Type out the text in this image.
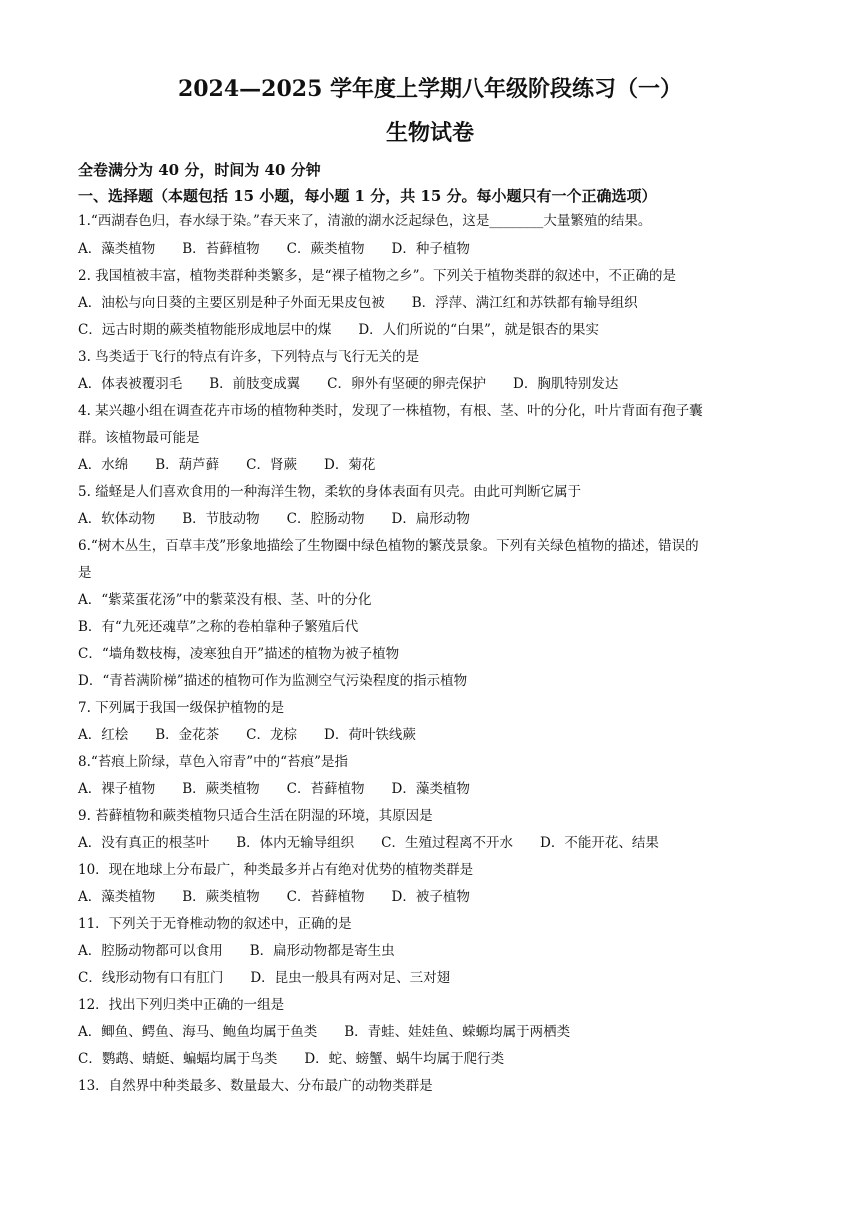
2024—2025 学年度上学期八年级阶段练习（一）
生物试卷
全卷满分为 40 分，时间为 40 分钟
一、选择题（本题包括 15 小题，每小题 1 分，共 15 分。每小题只有一个正确选项）
1.“西湖春色归，春水绿于染。”春天来了，清澈的湖水泛起绿色，这是________大量繁殖的结果。
A．藻类植物　　B．苔藓植物　　C．蕨类植物　　D．种子植物
2. 我国植被丰富，植物类群种类繁多，是“裸子植物之乡”。下列关于植物类群的叙述中，不正确的是
A．油松与向日葵的主要区别是种子外面无果皮包被　　B．浮萍、满江红和苏铁都有输导组织
C．远古时期的蕨类植物能形成地层中的煤　　D．人们所说的“白果”，就是银杏的果实
3. 鸟类适于飞行的特点有许多，下列特点与飞行无关的是
A．体表被覆羽毛　　B．前肢变成翼　　C．卵外有坚硬的卵壳保护　　D．胸肌特别发达
4. 某兴趣小组在调查花卉市场的植物种类时，发现了一株植物，有根、茎、叶的分化，叶片背面有孢子囊
群。该植物最可能是
A．水绵　　B．葫芦藓　　C．肾蕨　　D．菊花
5. 缢蛏是人们喜欢食用的一种海洋生物，柔软的身体表面有贝壳。由此可判断它属于
A．软体动物　　B．节肢动物　　C．腔肠动物　　D．扁形动物
6.“树木丛生，百草丰茂”形象地描绘了生物圈中绿色植物的繁茂景象。下列有关绿色植物的描述，错误的
是
A．“紫菜蛋花汤”中的紫菜没有根、茎、叶的分化
B．有“九死还魂草”之称的卷柏靠种子繁殖后代
C．“墙角数枝梅，凌寒独自开”描述的植物为被子植物
D．“青苔满阶梯”描述的植物可作为监测空气污染程度的指示植物
7. 下列属于我国一级保护植物的是
A．红桧　　B．金花茶　　C．龙棕　　D．荷叶铁线蕨
8.“苔痕上阶绿，草色入帘青”中的“苔痕”是指
A．裸子植物　　B．蕨类植物　　C．苔藓植物　　D．藻类植物
9. 苔藓植物和蕨类植物只适合生活在阴湿的环境，其原因是
A．没有真正的根茎叶　　B．体内无输导组织　　C．生殖过程离不开水　　D．不能开花、结果
10．现在地球上分布最广，种类最多并占有绝对优势的植物类群是
A．藻类植物　　B．蕨类植物　　C．苔藓植物　　D．被子植物
11．下列关于无脊椎动物的叙述中，正确的是
A．腔肠动物都可以食用　　B．扁形动物都是寄生虫
C．线形动物有口有肛门　　D．昆虫一般具有两对足、三对翅
12．找出下列归类中正确的一组是
A．鲫鱼、鳄鱼、海马、鲍鱼均属于鱼类　　B．青蛙、娃娃鱼、蝾螈均属于两栖类
C．鹦鹉、蜻蜓、蝙蝠均属于鸟类　　D．蛇、螃蟹、蜗牛均属于爬行类
13．自然界中种类最多、数量最大、分布最广的动物类群是
